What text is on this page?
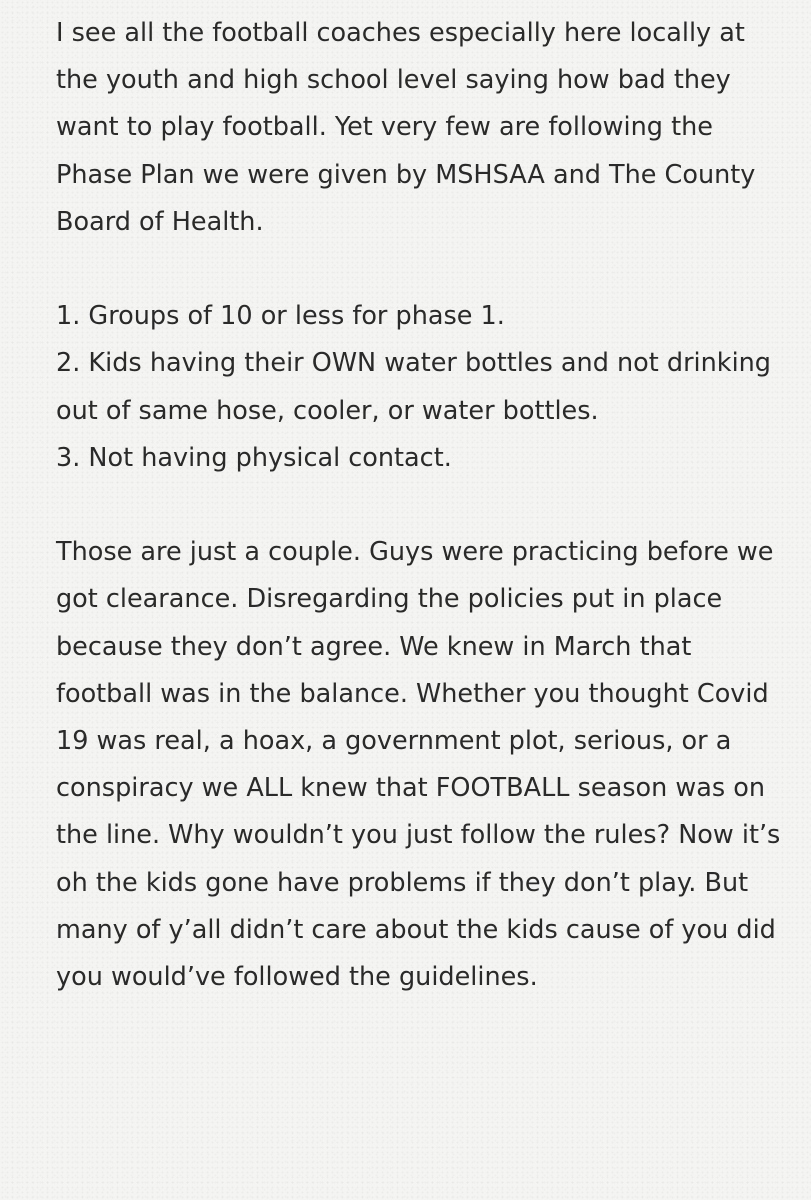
I see all the football coaches especially here locally at the youth and high school level saying how bad they want to play football. Yet very few are following the Phase Plan we were given by MSHSAA and The County Board of Health.

1. Groups of 10 or less for phase 1.

2. Kids having their OWN water bottles and not drinking out of same hose, cooler, or water bottles.

3. Not having physical contact.

Those are just a couple. Guys were practicing before we got clearance. Disregarding the policies put in place because they don’t agree. We knew in March that football was in the balance. Whether you thought Covid 19 was real, a hoax, a government plot, serious, or a conspiracy we ALL knew that FOOTBALL season was on the line. Why wouldn’t you just follow the rules? Now it’s oh the kids gone have problems if they don’t play. But many of y’all didn’t care about the kids cause of you did you would’ve followed the guidelines.
